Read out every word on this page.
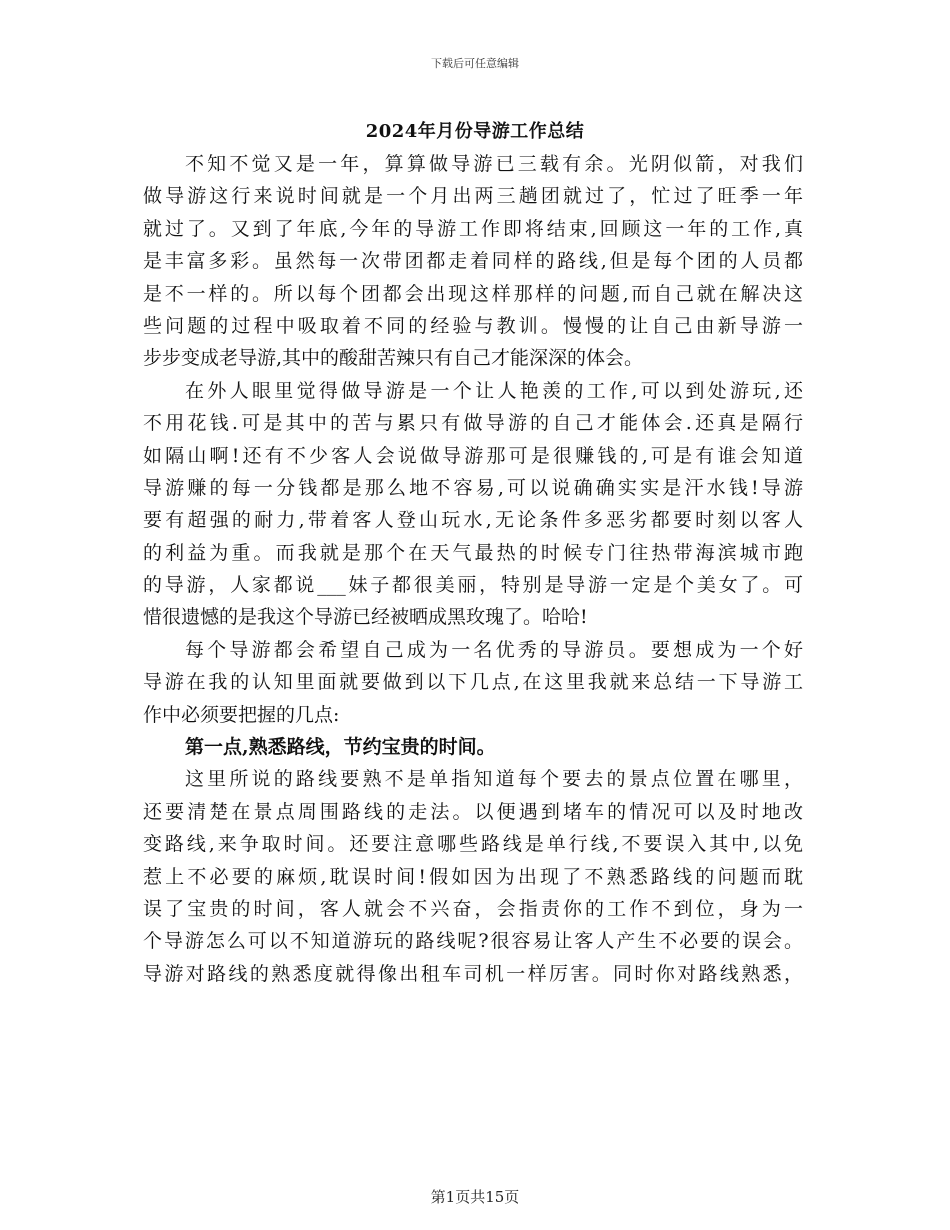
下载后可任意编辑
2024年月份导游工作总结
不知不觉又是一年，算算做导游已三载有余。光阴似箭，对我们
做导游这行来说时间就是一个月出两三趟团就过了，忙过了旺季一年
就过了。又到了年底,今年的导游工作即将结束,回顾这一年的工作,真
是丰富多彩。虽然每一次带团都走着同样的路线,但是每个团的人员都
是不一样的。所以每个团都会出现这样那样的问题,而自己就在解决这
些问题的过程中吸取着不同的经验与教训。慢慢的让自己由新导游一
步步变成老导游,其中的酸甜苦辣只有自己才能深深的体会。
在外人眼里觉得做导游是一个让人艳羡的工作,可以到处游玩,还
不用花钱.可是其中的苦与累只有做导游的自己才能体会.还真是隔行
如隔山啊!还有不少客人会说做导游那可是很赚钱的,可是有谁会知道
导游赚的每一分钱都是那么地不容易,可以说确确实实是汗水钱!导游
要有超强的耐力,带着客人登山玩水,无论条件多恶劣都要时刻以客人
的利益为重。而我就是那个在天气最热的时候专门往热带海滨城市跑
的导游，人家都说___妹子都很美丽，特别是导游一定是个美女了。可
惜很遗憾的是我这个导游已经被晒成黑玫瑰了。哈哈!
每个导游都会希望自己成为一名优秀的导游员。要想成为一个好
导游在我的认知里面就要做到以下几点,在这里我就来总结一下导游工
作中必须要把握的几点:
第一点,熟悉路线，节约宝贵的时间。
这里所说的路线要熟不是单指知道每个要去的景点位置在哪里，
还要清楚在景点周围路线的走法。以便遇到堵车的情况可以及时地改
变路线,来争取时间。还要注意哪些路线是单行线,不要误入其中,以免
惹上不必要的麻烦,耽误时间!假如因为出现了不熟悉路线的问题而耽
误了宝贵的时间，客人就会不兴奋，会指责你的工作不到位，身为一
个导游怎么可以不知道游玩的路线呢?很容易让客人产生不必要的误会。
导游对路线的熟悉度就得像出租车司机一样厉害。同时你对路线熟悉，
第1页共15页
